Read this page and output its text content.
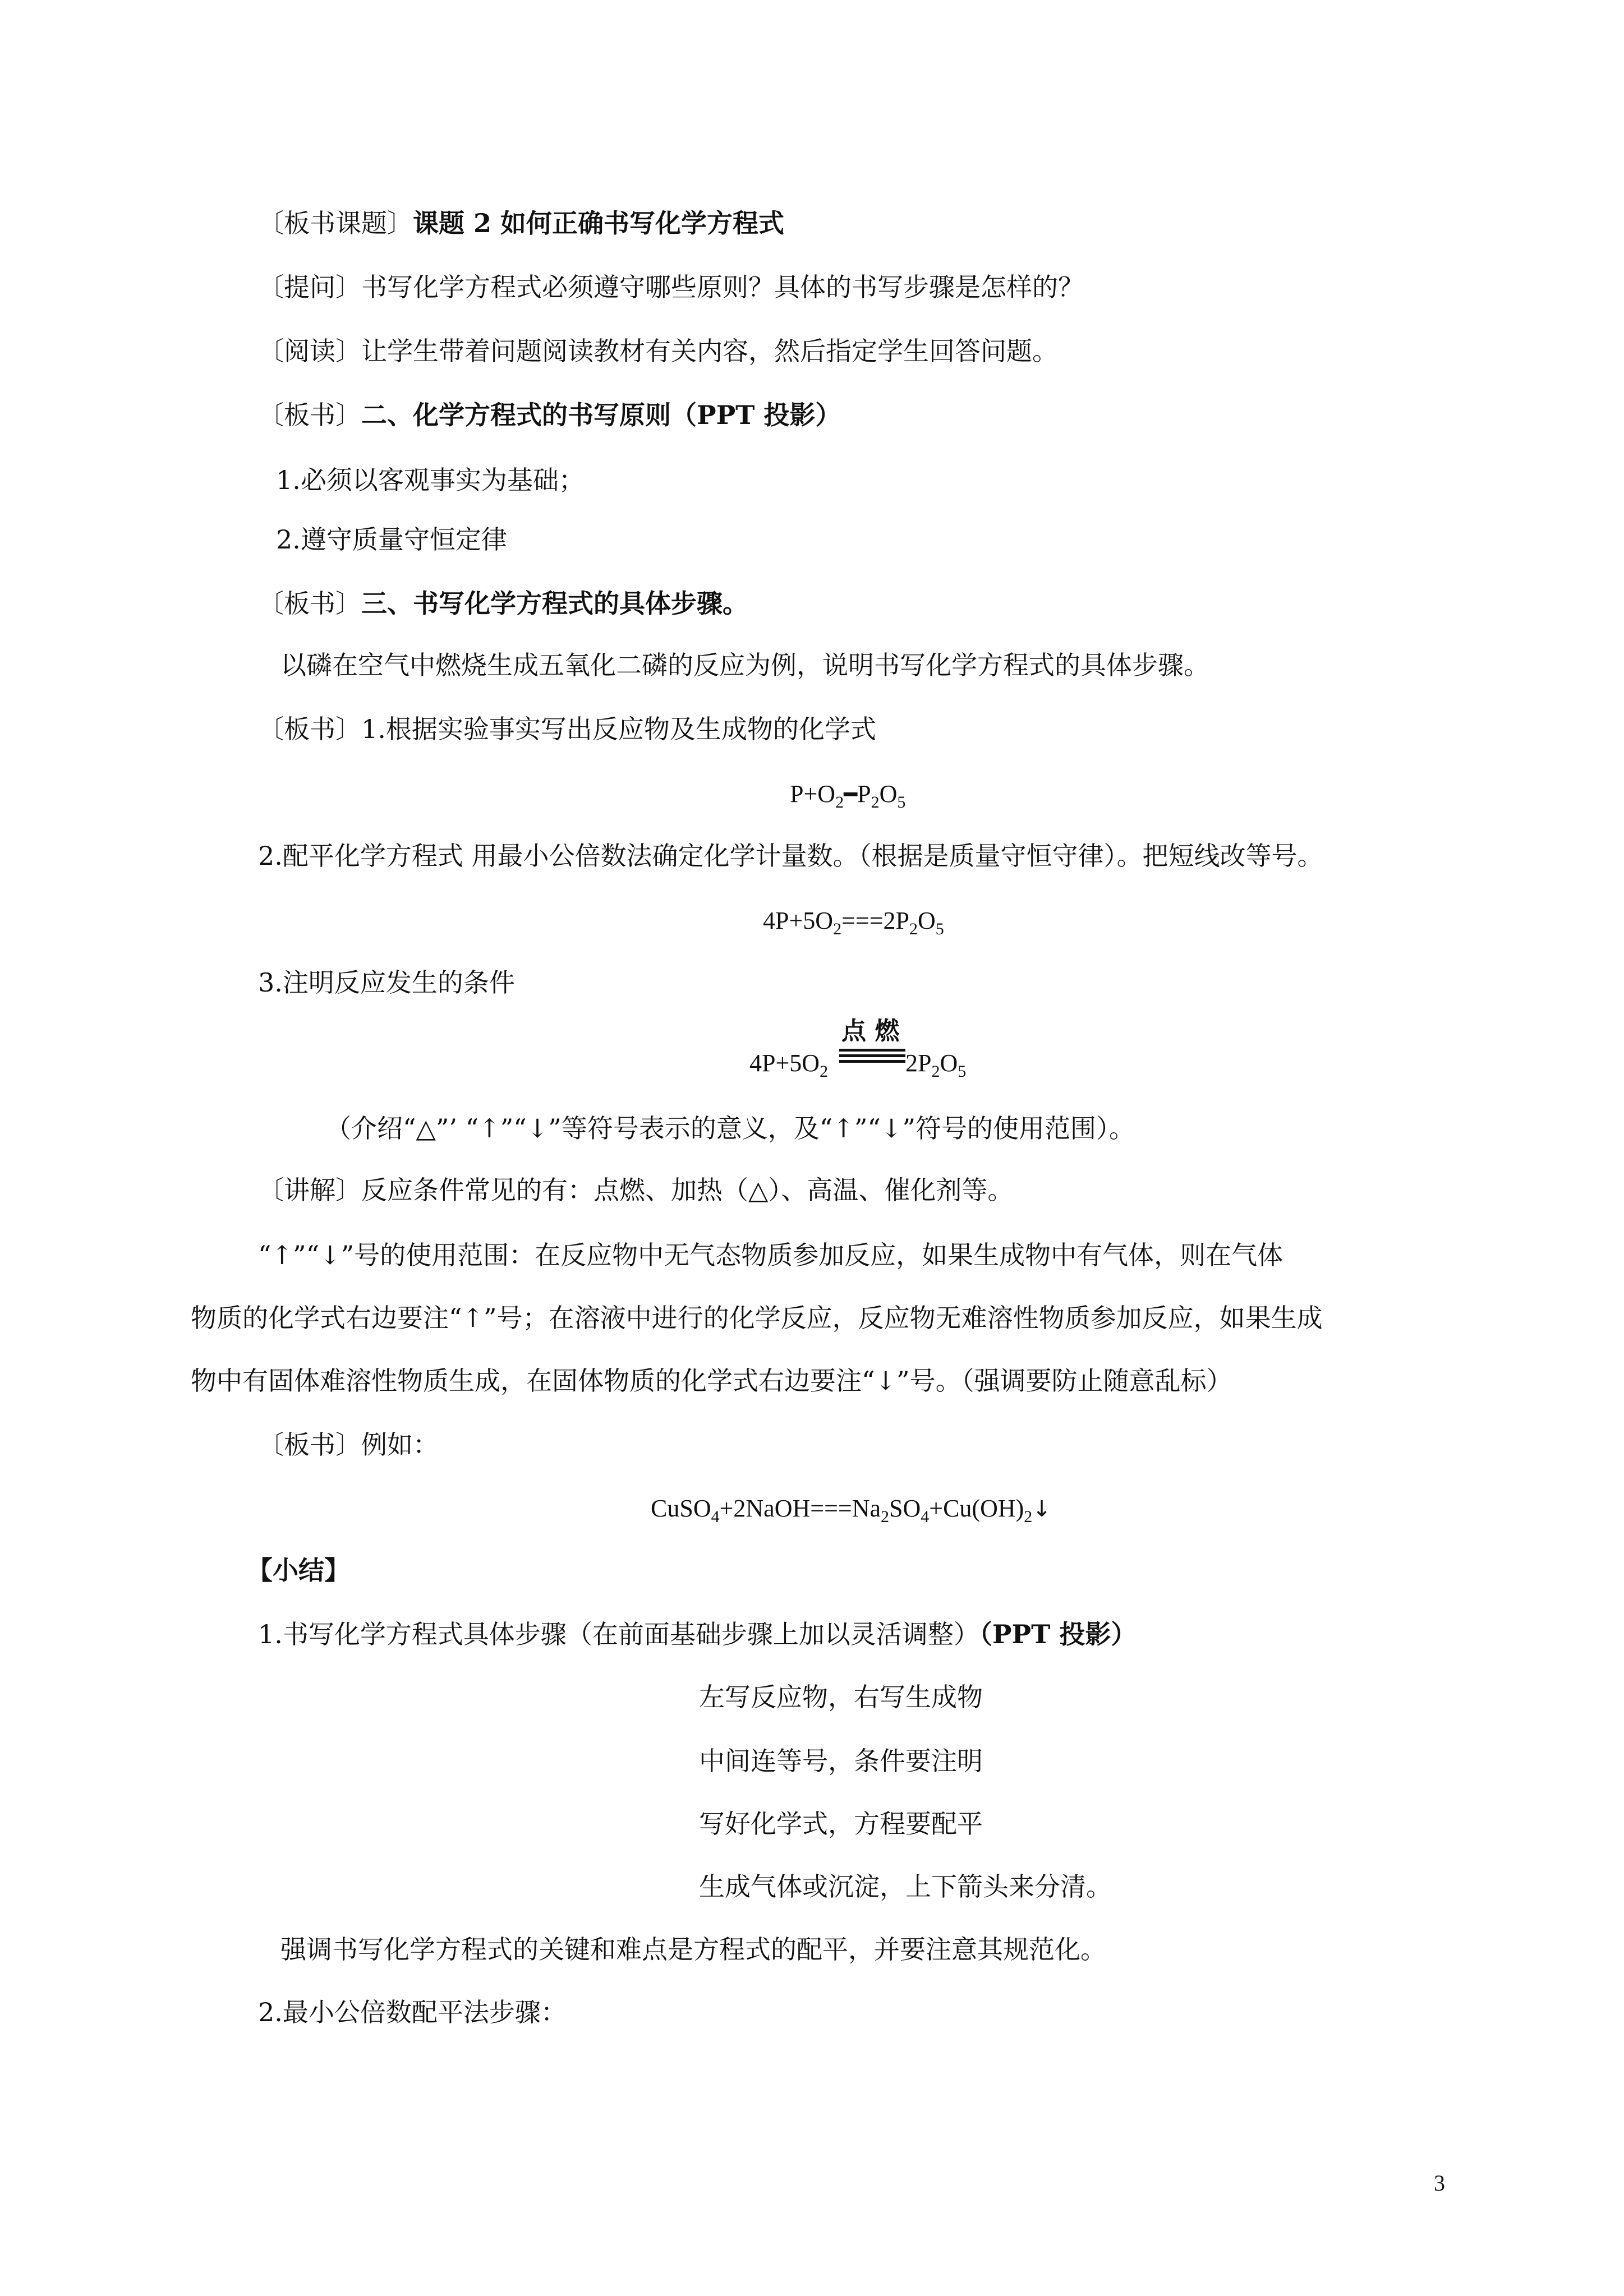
〔板书课题〕课题 2 如何正确书写化学方程式
〔提问〕书写化学方程式必须遵守哪些原则？具体的书写步骤是怎样的？
〔阅读〕让学生带着问题阅读教材有关内容，然后指定学生回答问题。
〔板书〕二、化学方程式的书写原则（PPT 投影）
1.必须以客观事实为基础；
2.遵守质量守恒定律
〔板书〕三、书写化学方程式的具体步骤。
以磷在空气中燃烧生成五氧化二磷的反应为例，说明书写化学方程式的具体步骤。
〔板书〕1.根据实验事实写出反应物及生成物的化学式
$P+O_2━P_2O_5$
2.配平化学方程式 用最小公倍数法确定化学计量数。（根据是质量守恒守律）。把短线改等号。
$4P+5O_2===2P_2O_5$
3.注明反应发生的条件
$4P+5O_2$
点 燃
$2P_2O_5$
（介绍“△”’ “↑”“↓”等符号表示的意义，及“↑”“↓”符号的使用范围）。
〔讲解〕反应条件常见的有：点燃、加热（△）、高温、催化剂等。
“↑”“↓”号的使用范围：在反应物中无气态物质参加反应，如果生成物中有气体，则在气体
物质的化学式右边要注“↑”号；在溶液中进行的化学反应，反应物无难溶性物质参加反应，如果生成
物中有固体难溶性物质生成，在固体物质的化学式右边要注“↓”号。（强调要防止随意乱标）
〔板书〕例如：
$CuSO_4+2NaOH===Na_2SO_4+Cu(OH)_2↓$
【小结】
1.书写化学方程式具体步骤（在前面基础步骤上加以灵活调整）（PPT 投影）
左写反应物，右写生成物
中间连等号，条件要注明
写好化学式，方程要配平
生成气体或沉淀，上下箭头来分清。
强调书写化学方程式的关键和难点是方程式的配平，并要注意其规范化。
2.最小公倍数配平法步骤：
3
